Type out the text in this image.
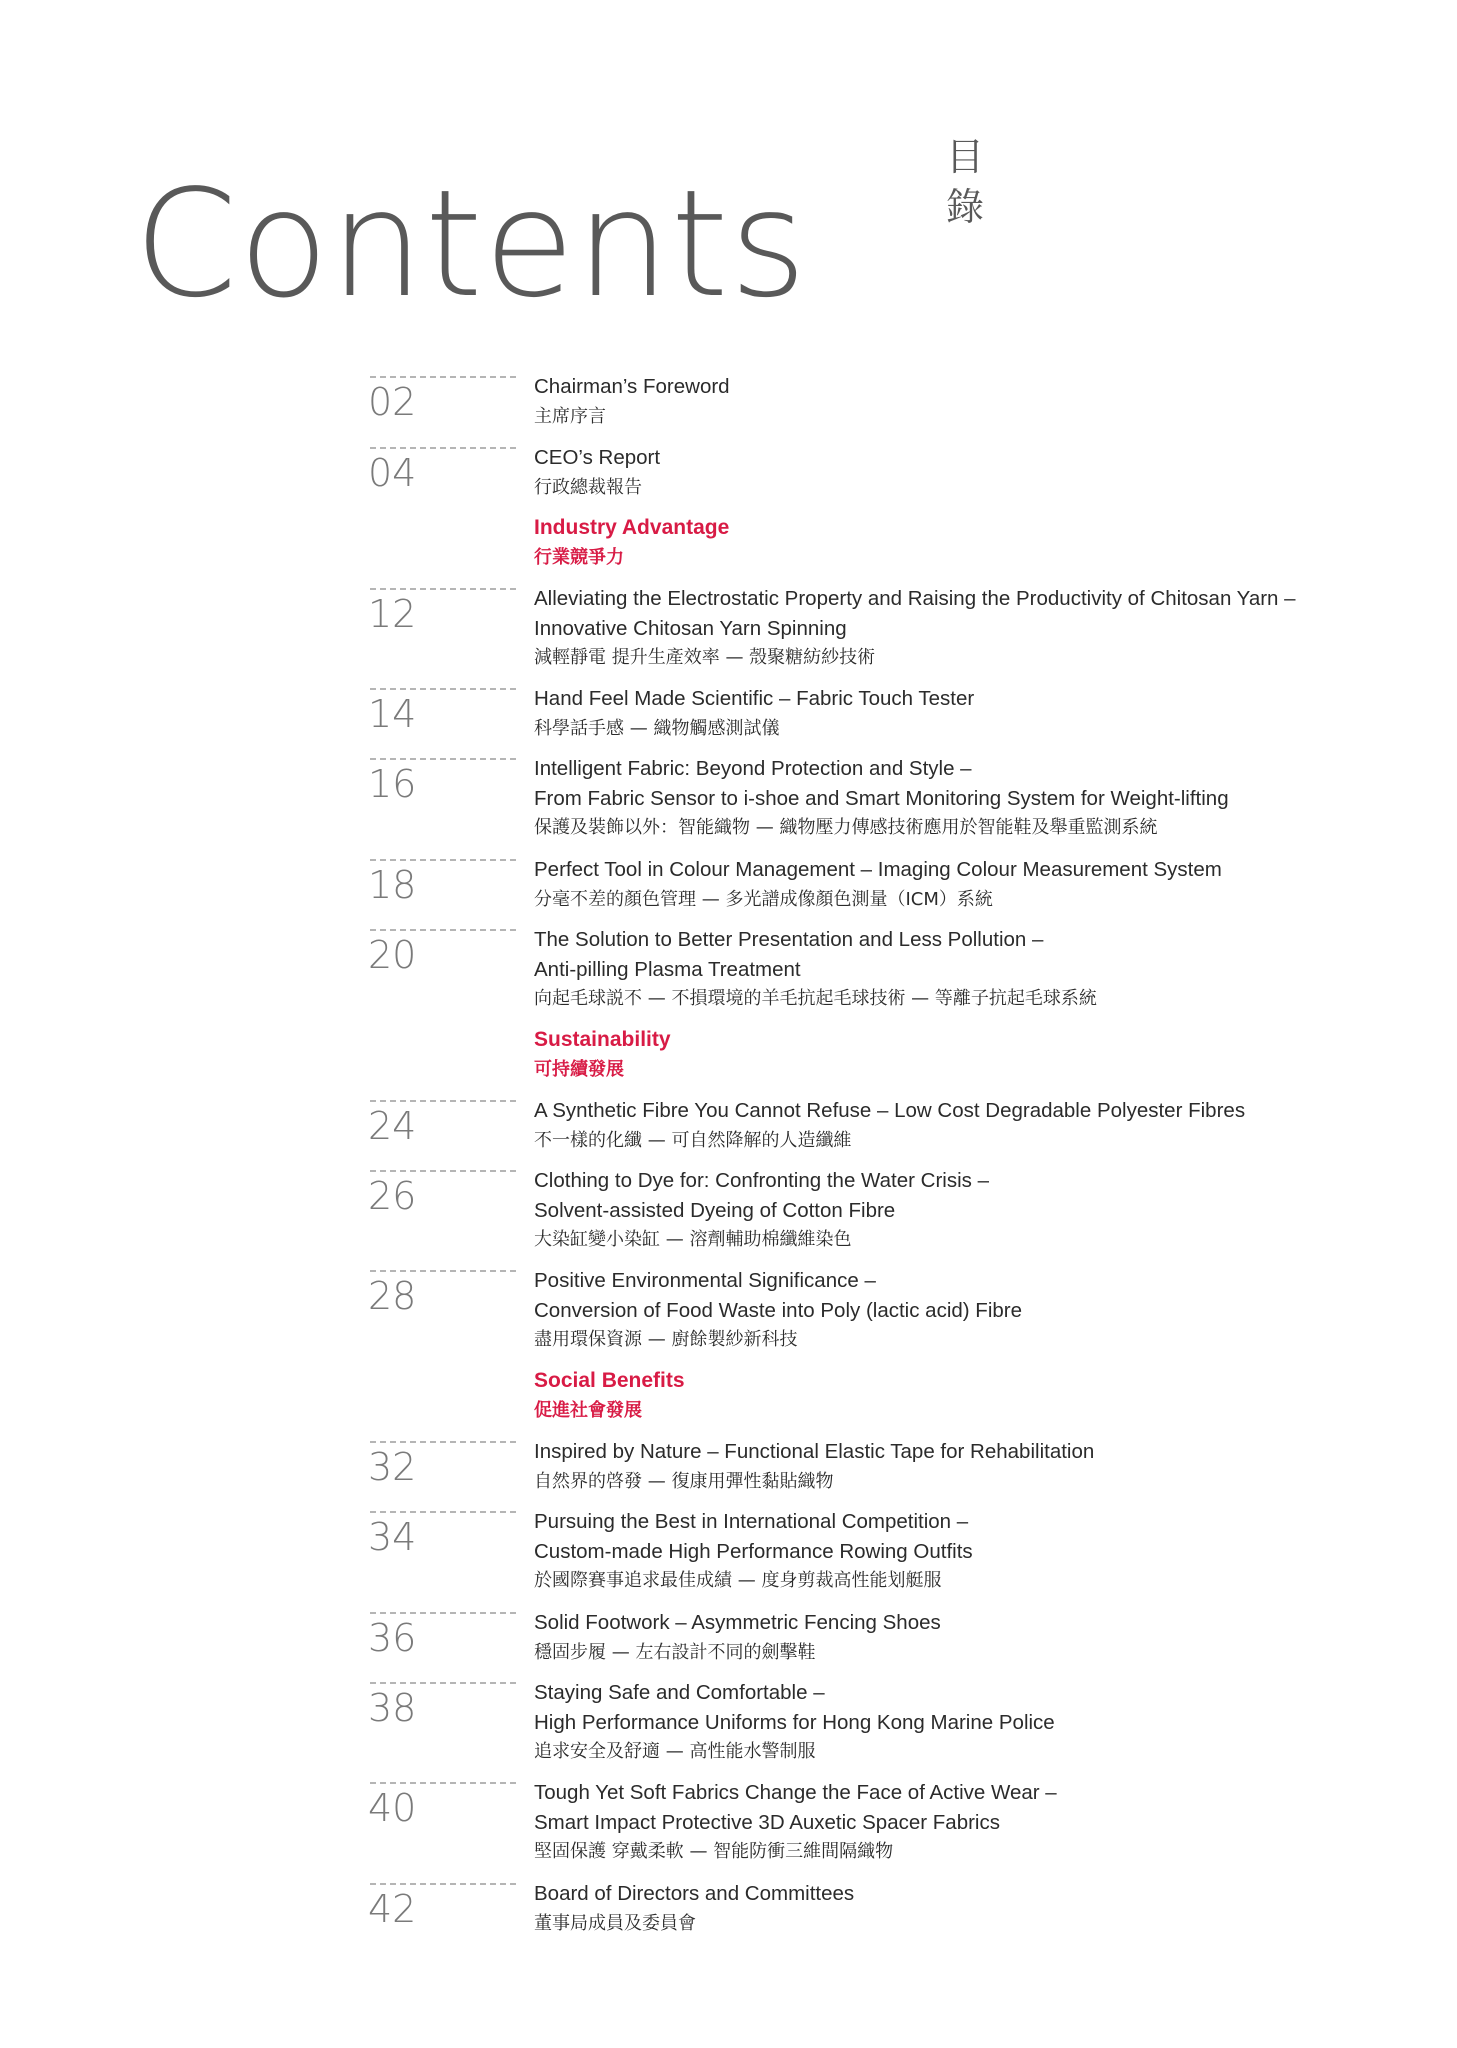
Contents
目
錄
02	Chairman’s Foreword
主席序言
04	CEO’s Report
行政總裁報告
Industry Advantage
行業競爭力
12	Alleviating the Electrostatic Property and Raising the Productivity of Chitosan Yarn –
Innovative Chitosan Yarn Spinning
減輕靜電 提升生產效率 — 殼聚糖紡紗技術
14	Hand Feel Made Scientific – Fabric Touch Tester
科學話手感 — 織物觸感測試儀
16	Intelligent Fabric: Beyond Protection and Style –
From Fabric Sensor to i-shoe and Smart Monitoring System for Weight-lifting
保護及裝飾以外：智能織物 — 織物壓力傳感技術應用於智能鞋及舉重監測系統
18	Perfect Tool in Colour Management – Imaging Colour Measurement System
分毫不差的顏色管理 — 多光譜成像顏色測量（ICM）系統
20	The Solution to Better Presentation and Less Pollution –
Anti-pilling Plasma Treatment
向起毛球説不 — 不損環境的羊毛抗起毛球技術 — 等離子抗起毛球系統
Sustainability
可持續發展
24	A Synthetic Fibre You Cannot Refuse – Low Cost Degradable Polyester Fibres
不一樣的化纖 — 可自然降解的人造纖維
26	Clothing to Dye for: Confronting the Water Crisis –
Solvent-assisted Dyeing of Cotton Fibre
大染缸變小染缸 — 溶劑輔助棉纖維染色
28	Positive Environmental Significance –
Conversion of Food Waste into Poly (lactic acid) Fibre
盡用環保資源 — 廚餘製紗新科技
Social Benefits
促進社會發展
32	Inspired by Nature – Functional Elastic Tape for Rehabilitation
自然界的啓發 — 復康用彈性黏貼織物
34	Pursuing the Best in International Competition –
Custom-made High Performance Rowing Outfits
於國際賽事追求最佳成績 — 度身剪裁高性能划艇服
36	Solid Footwork – Asymmetric Fencing Shoes
穩固步履 — 左右設計不同的劍擊鞋
38	Staying Safe and Comfortable –
High Performance Uniforms for Hong Kong Marine Police
追求安全及舒適 — 高性能水警制服
40	Tough Yet Soft Fabrics Change the Face of Active Wear –
Smart Impact Protective 3D Auxetic Spacer Fabrics
堅固保護 穿戴柔軟 — 智能防衝三維間隔織物
42	Board of Directors and Committees
董事局成員及委員會
